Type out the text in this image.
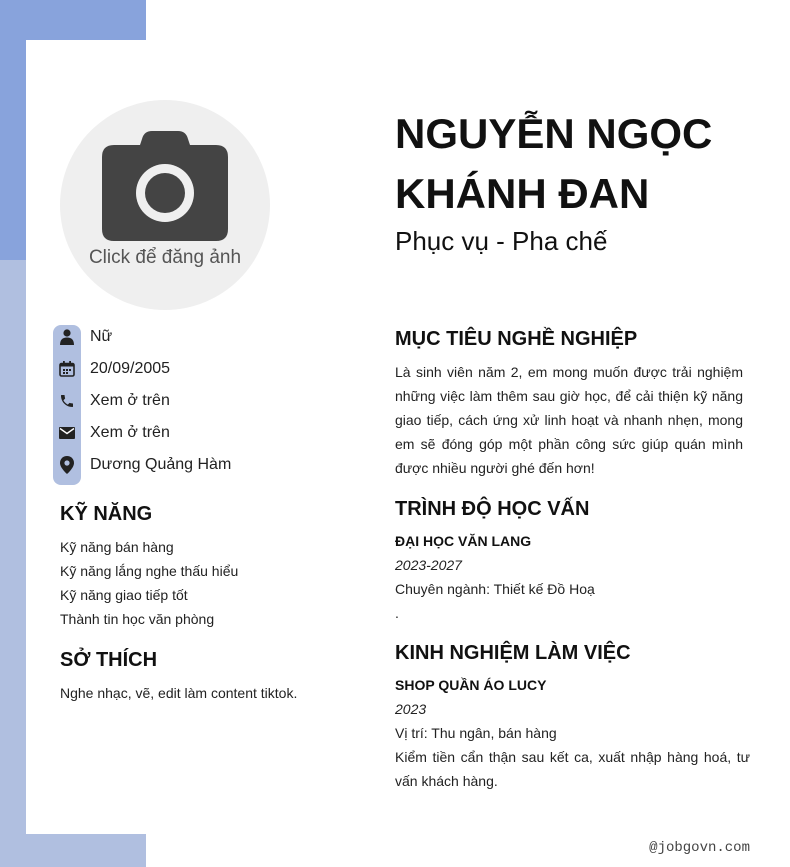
Click để đăng ảnh
NGUYỄN NGỌC
KHÁNH ĐAN
Phục vụ - Pha chế
Nữ
20/09/2005
Xem ở trên
Xem ở trên
Dương Quảng Hàm
KỸ NĂNG
Kỹ năng bán hàng
Kỹ năng lắng nghe thấu hiểu
Kỹ năng giao tiếp tốt
Thành tin học văn phòng
SỞ THÍCH
Nghe nhạc, vẽ, edit làm content tiktok.
MỤC TIÊU NGHỀ NGHIỆP
Là sinh viên năm 2, em mong muốn được trải nghiệm những việc làm thêm sau giờ học, để cải thiện kỹ năng giao tiếp, cách ứng xử linh hoạt và nhanh nhẹn, mong em sẽ đóng góp một phần công sức giúp quán mình được nhiều người ghé đến hơn!
TRÌNH ĐỘ HỌC VẤN
ĐẠI HỌC VĂN LANG
2023-2027
Chuyên ngành: Thiết kế Đồ Hoạ
.
KINH NGHIỆM LÀM VIỆC
SHOP QUẦN ÁO LUCY
2023
Vị trí: Thu ngân, bán hàng
Kiểm tiền cẩn thận sau kết ca, xuất nhập hàng hoá, tư vấn khách hàng.
@jobgovn.com
